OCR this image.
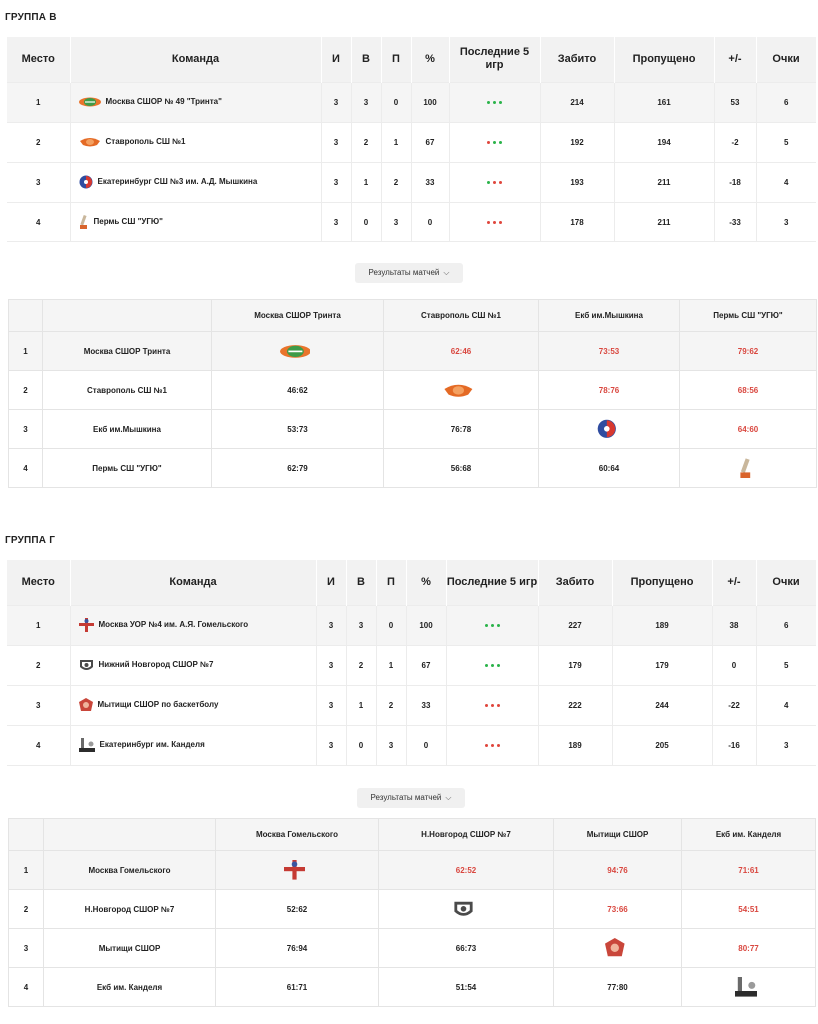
ГРУППА В
Место	Команда	И	В	П	%	Последние 5 игр	Забито	Пропущено	+/-	Очки
1	Москва СШОР № 49 "Тринта"	3	3	0	100		214	161	53	6
2	Ставрополь СШ №1	3	2	1	67		192	194	-2	5
3	Екатеринбург СШ №3 им. А.Д. Мышкина	3	1	2	33		193	211	-18	4
4	Пермь СШ "УГЮ"	3	0	3	0		178	211	-33	3
Результаты матчей ⌵
		Москва СШОР Тринта	Ставрополь СШ №1	Екб им.Мышкина	Пермь СШ "УГЮ"
1	Москва СШОР Тринта		62:46	73:53	79:62
2	Ставрополь СШ №1	46:62		78:76	68:56
3	Екб им.Мышкина	53:73	76:78		64:60
4	Пермь СШ "УГЮ"	62:79	56:68	60:64	
ГРУППА Г
Место	Команда	И	В	П	%	Последние 5 игр	Забито	Пропущено	+/-	Очки
1	Москва УОР №4 им. А.Я. Гомельского	3	3	0	100		227	189	38	6
2	Нижний Новгород СШОР №7	3	2	1	67		179	179	0	5
3	Мытищи СШОР по баскетболу	3	1	2	33		222	244	-22	4
4	Екатеринбург им. Канделя	3	0	3	0		189	205	-16	3
Результаты матчей ⌵
		Москва Гомельского	Н.Новгород СШОР №7	Мытищи СШОР	Екб им. Канделя
1	Москва Гомельского		62:52	94:76	71:61
2	Н.Новгород СШОР №7	52:62		73:66	54:51
3	Мытищи СШОР	76:94	66:73		80:77
4	Екб им. Канделя	61:71	51:54	77:80	
